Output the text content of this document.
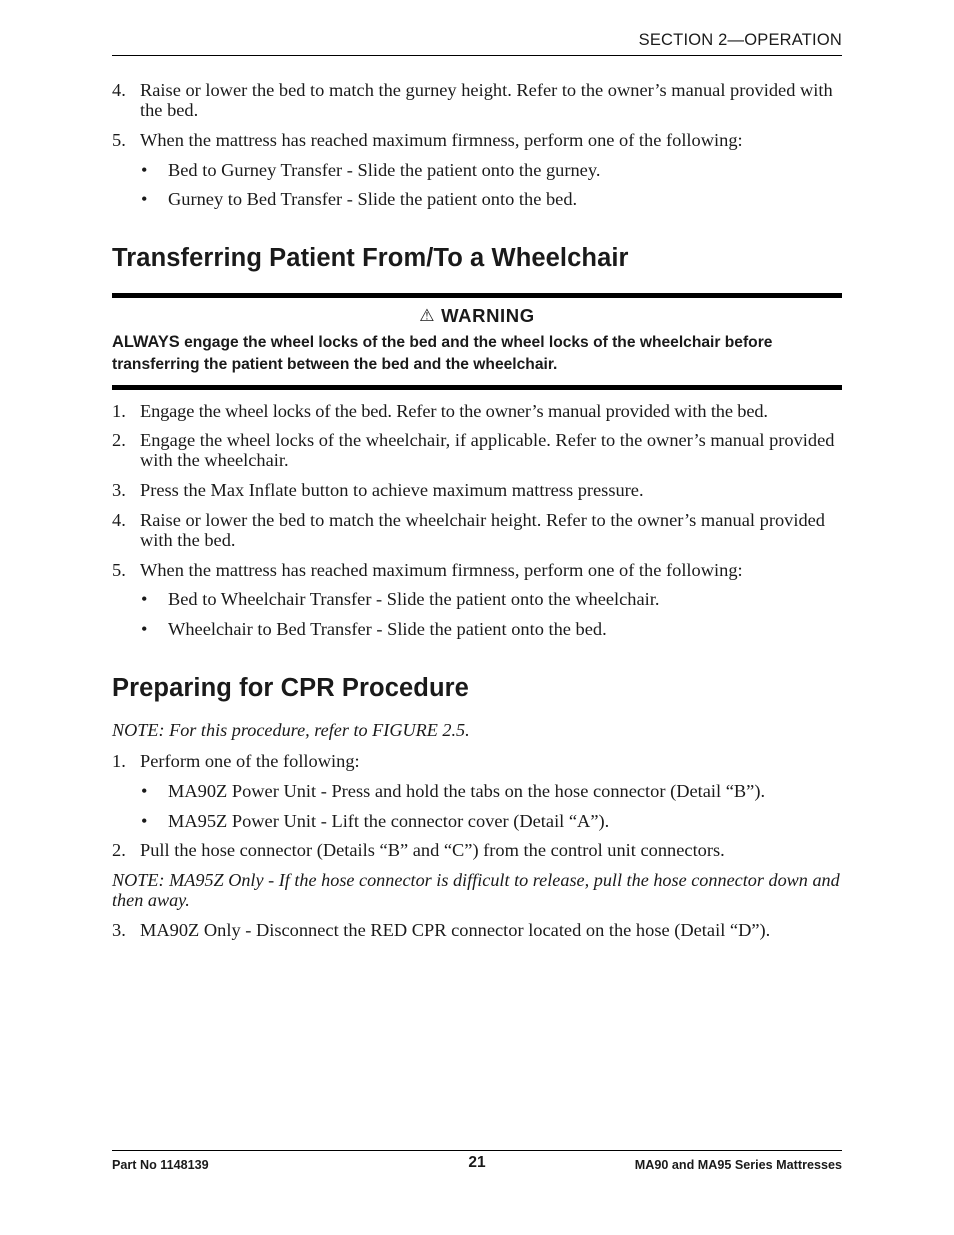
SECTION 2—OPERATION
4. Raise or lower the bed to match the gurney height. Refer to the owner’s manual provided with the bed.
5. When the mattress has reached maximum firmness, perform one of the following:
• Bed to Gurney Transfer - Slide the patient onto the gurney.
• Gurney to Bed Transfer - Slide the patient onto the bed.
Transferring Patient From/To a Wheelchair
⚠ WARNING
ALWAYS engage the wheel locks of the bed and the wheel locks of the wheelchair before transferring the patient between the bed and the wheelchair.
1. Engage the wheel locks of the bed. Refer to the owner’s manual provided with the bed.
2. Engage the wheel locks of the wheelchair, if applicable. Refer to the owner’s manual provided with the wheelchair.
3. Press the Max Inflate button to achieve maximum mattress pressure.
4. Raise or lower the bed to match the wheelchair height. Refer to the owner’s manual provided with the bed.
5. When the mattress has reached maximum firmness, perform one of the following:
• Bed to Wheelchair Transfer - Slide the patient onto the wheelchair.
• Wheelchair to Bed Transfer - Slide the patient onto the bed.
Preparing for CPR Procedure
NOTE: For this procedure, refer to FIGURE 2.5.
1. Perform one of the following:
• MA90Z Power Unit - Press and hold the tabs on the hose connector (Detail “B”).
• MA95Z Power Unit - Lift the connector cover (Detail “A”).
2. Pull the hose connector (Details “B” and “C”) from the control unit connectors.
NOTE: MA95Z Only - If the hose connector is difficult to release, pull the hose connector down and then away.
3. MA90Z Only - Disconnect the RED CPR connector located on the hose (Detail “D”).
Part No 1148139	21	MA90 and MA95 Series Mattresses
